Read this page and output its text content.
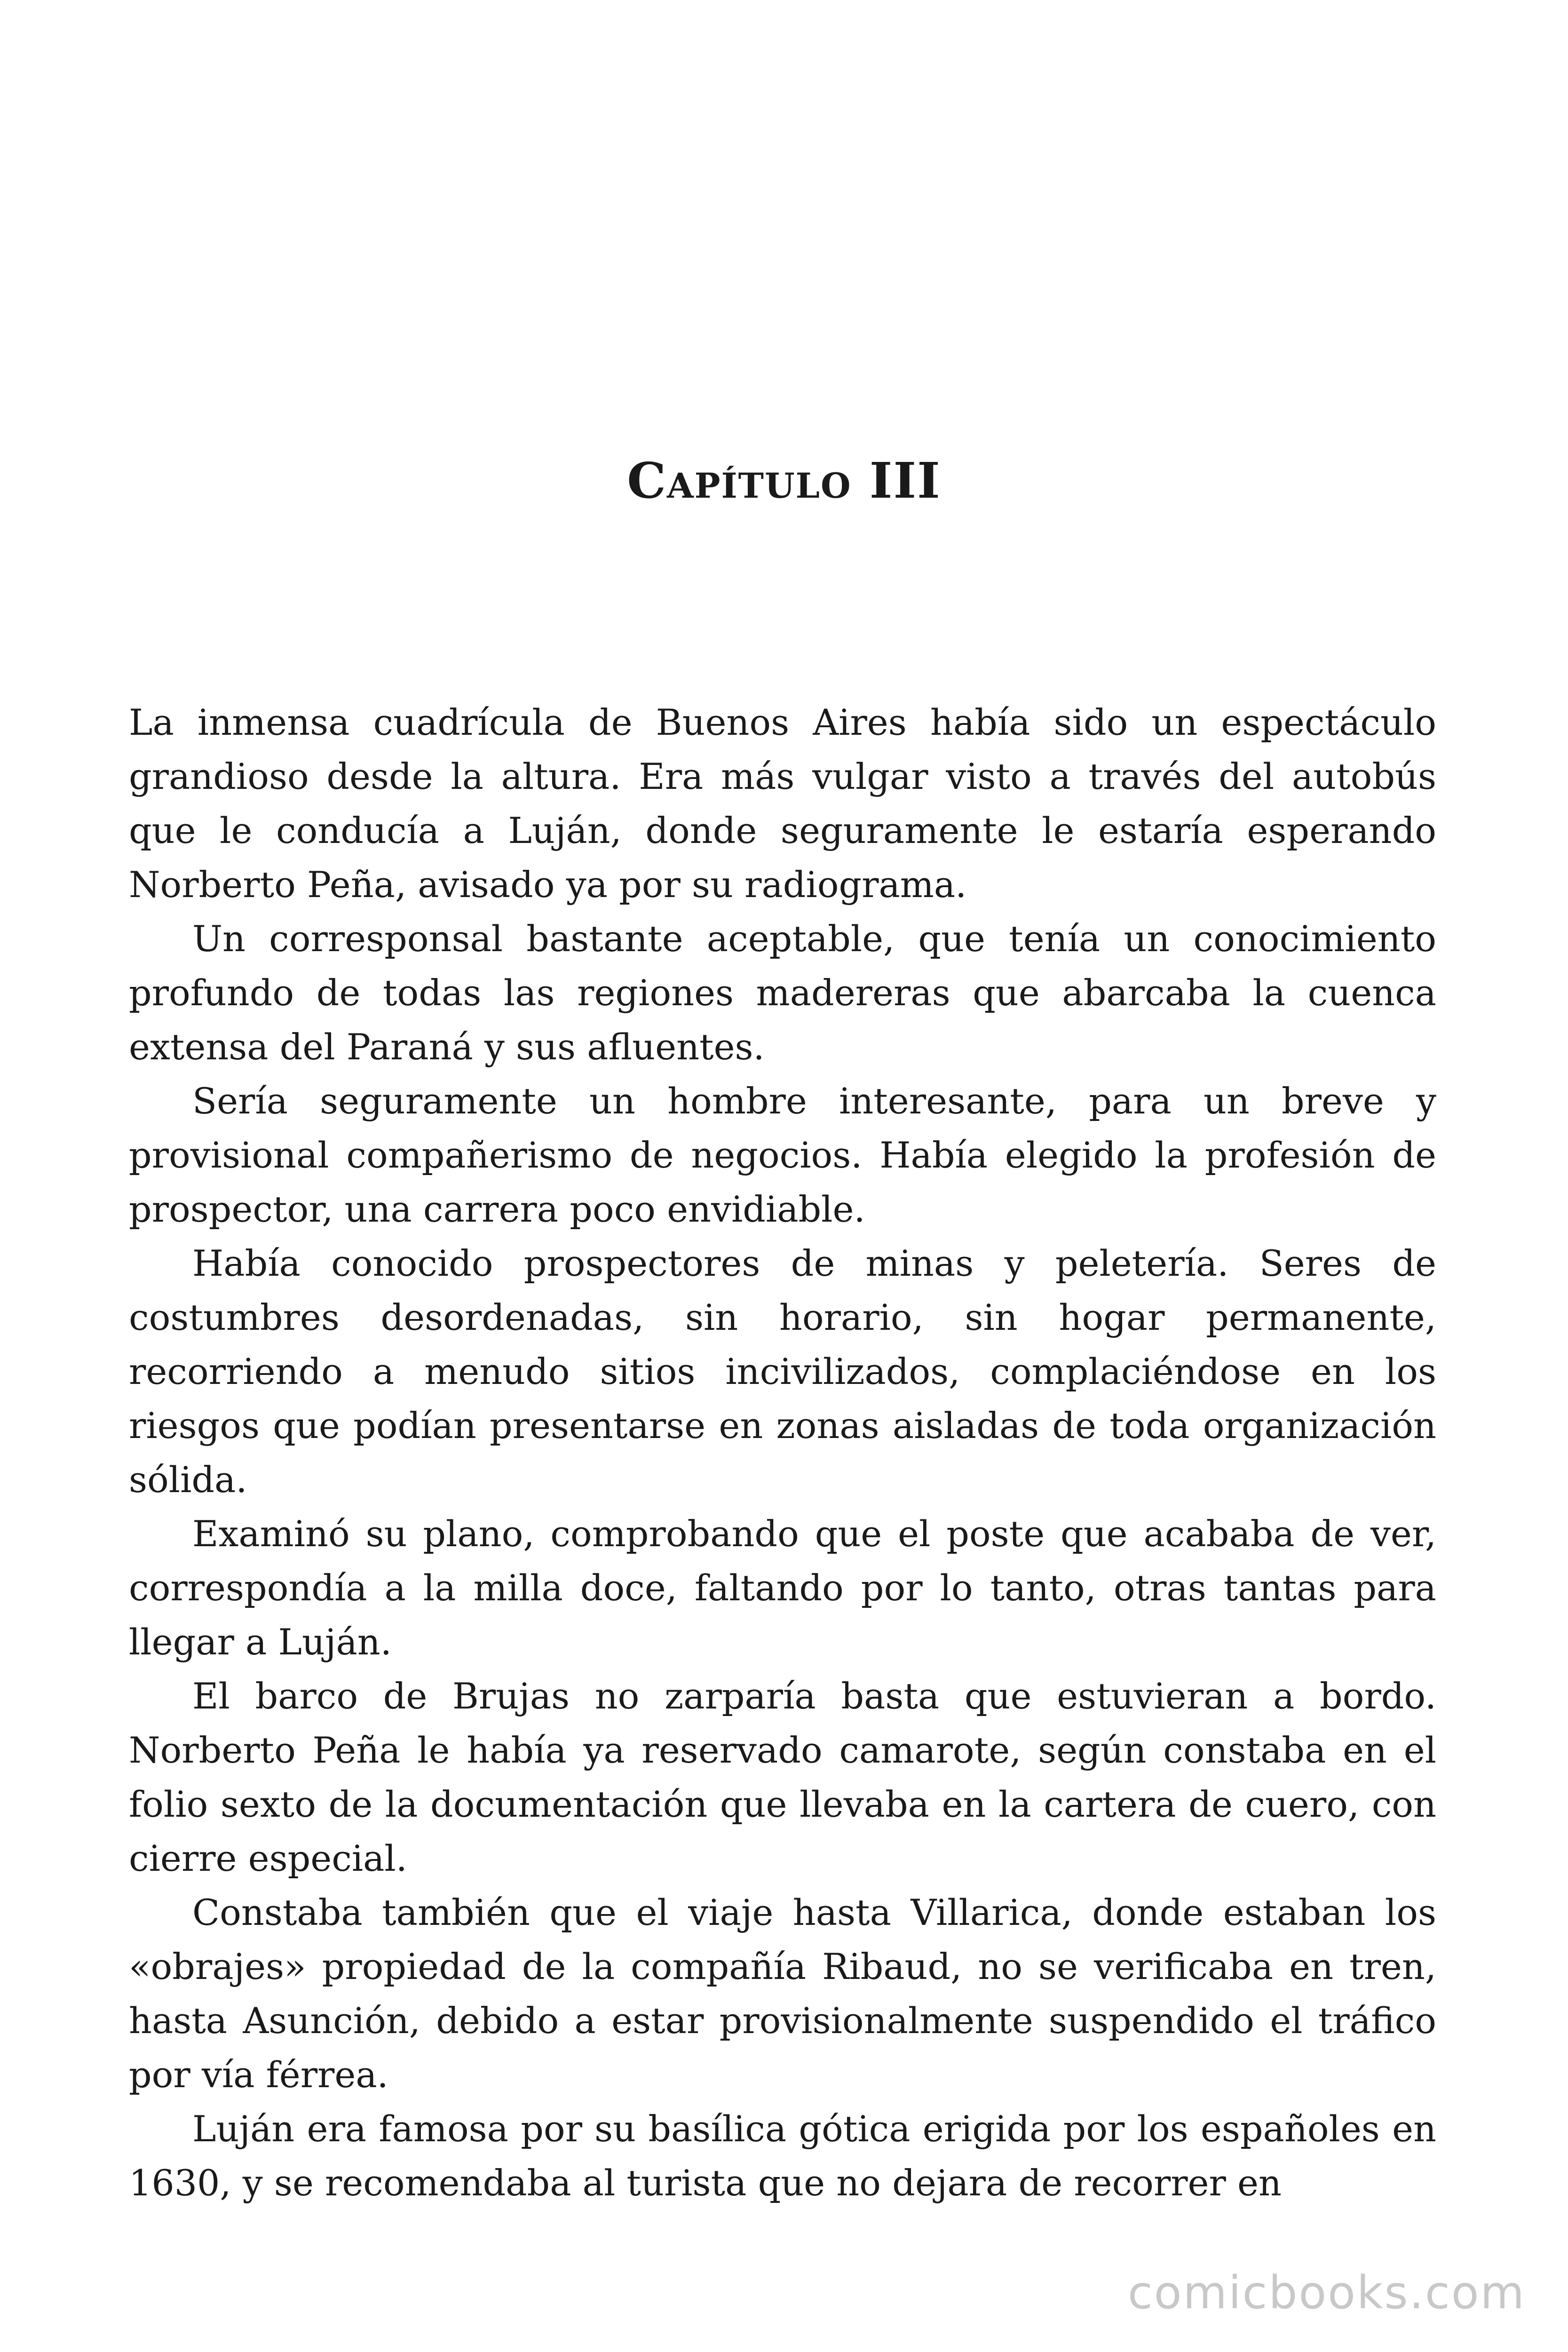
Capítulo III

La inmensa cuadrícula de Buenos Aires había sido un espectáculo grandioso desde la altura. Era más vulgar visto a través del autobús que le conducía a Luján, donde seguramente le estaría esperando Norberto Peña, avisado ya por su radiograma.

Un corresponsal bastante aceptable, que tenía un conocimiento profundo de todas las regiones madereras que abarcaba la cuenca extensa del Paraná y sus afluentes.

Sería seguramente un hombre interesante, para un breve y provisional compañerismo de negocios. Había elegido la profesión de prospector, una carrera poco envidiable.

Había conocido prospectores de minas y peletería. Seres de costumbres desordenadas, sin horario, sin hogar permanente, recorriendo a menudo sitios incivilizados, complaciéndose en los riesgos que podían presentarse en zonas aisladas de toda organización sólida.

Examinó su plano, comprobando que el poste que acababa de ver, correspondía a la milla doce, faltando por lo tanto, otras tantas para llegar a Luján.

El barco de Brujas no zarparía basta que estuvieran a bordo. Norberto Peña le había ya reservado camarote, según constaba en el folio sexto de la documentación que llevaba en la cartera de cuero, con cierre especial.

Constaba también que el viaje hasta Villarica, donde estaban los «obrajes» propiedad de la compañía Ribaud, no se verificaba en tren, hasta Asunción, debido a estar provisionalmente suspendido el tráfico por vía férrea.

Luján era famosa por su basílica gótica erigida por los españoles en 1630, y se recomendaba al turista que no dejara de recorrer en

comicbooks.com
